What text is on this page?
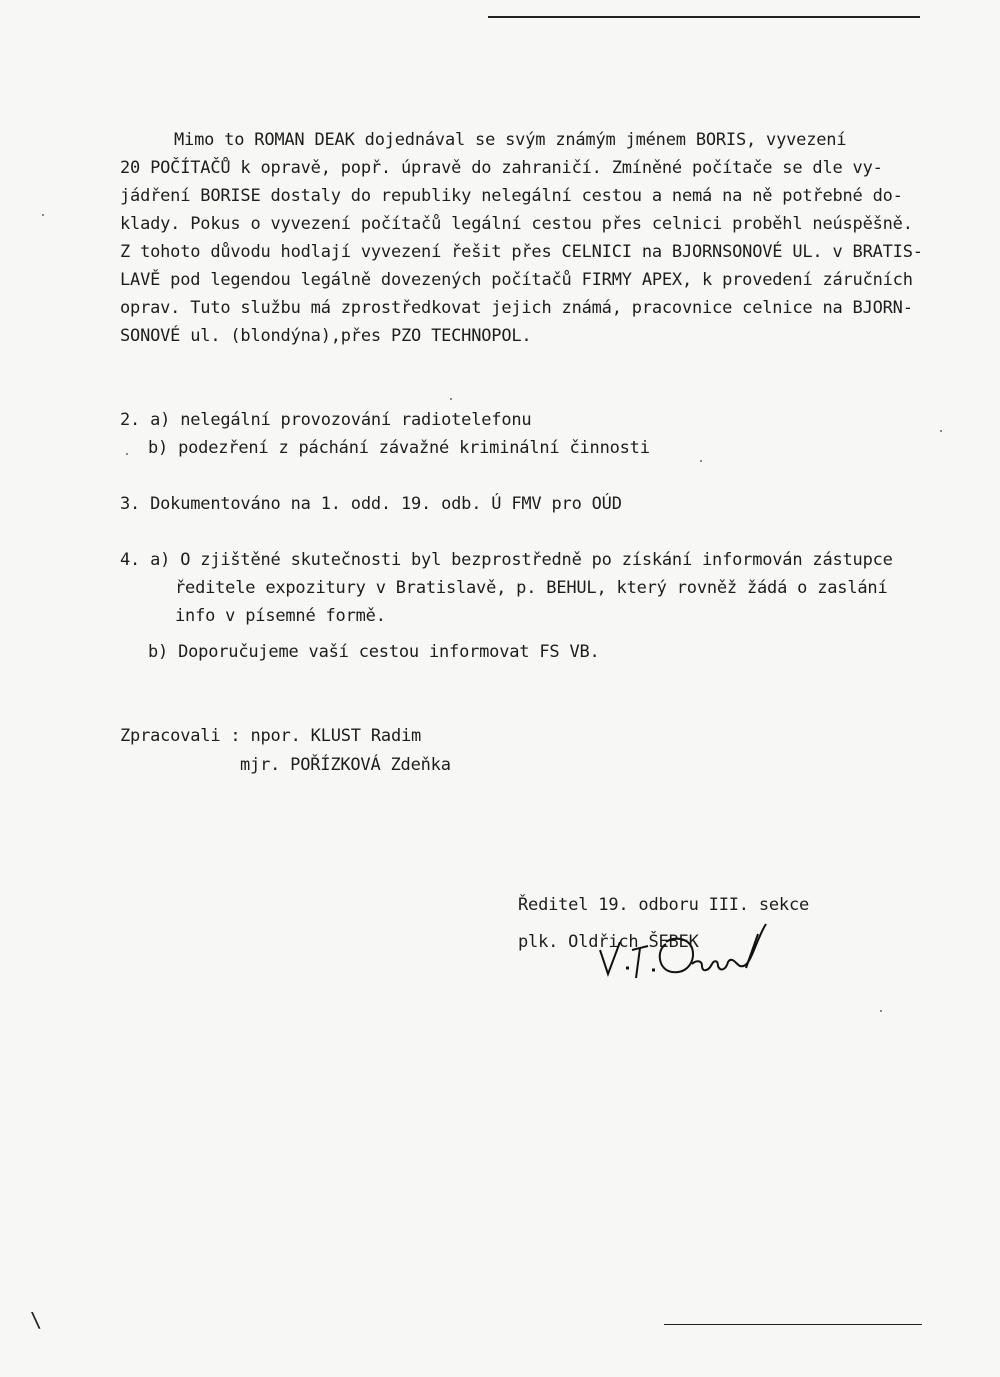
Mimo to ROMAN DEAK dojednával se svým známým jménem BORIS, vyvezení
20 POČÍTAČŮ k opravě, popř. úpravě do zahraničí. Zmíněné počítače se dle vy-
jádření BORISE dostaly do republiky nelegální cestou a nemá na ně potřebné do-
klady. Pokus o vyvezení počítačů legální cestou přes celnici proběhl neúspěšně.
Z tohoto důvodu hodlají vyvezení řešit přes CELNICI na BJORNSONOVÉ UL. v BRATIS-
LAVĚ pod legendou legálně dovezených počítačů FIRMY APEX, k provedení záručních
oprav. Tuto službu má zprostředkovat jejich známá, pracovnice celnice na BJORN-
SONOVÉ ul. (blondýna),přes PZO TECHNOPOL.
2. a) nelegální provozování radiotelefonu
b) podezření z páchání závažné kriminální činnosti
3. Dokumentováno na 1. odd. 19. odb. Ú FMV pro OÚD
4. a) O zjištěné skutečnosti byl bezprostředně po získání informován zástupce
ředitele expozitury v Bratislavě, p. BEHUL, který rovněž žádá o zaslání
info v písemné formě.
b) Doporučujeme vaší cestou informovat FS VB.
Zpracovali : npor. KLUST Radim
mjr. POŘÍZKOVÁ Zdeňka
Ředitel 19. odboru III. sekce
plk. Oldřich ŠEBEK
\
